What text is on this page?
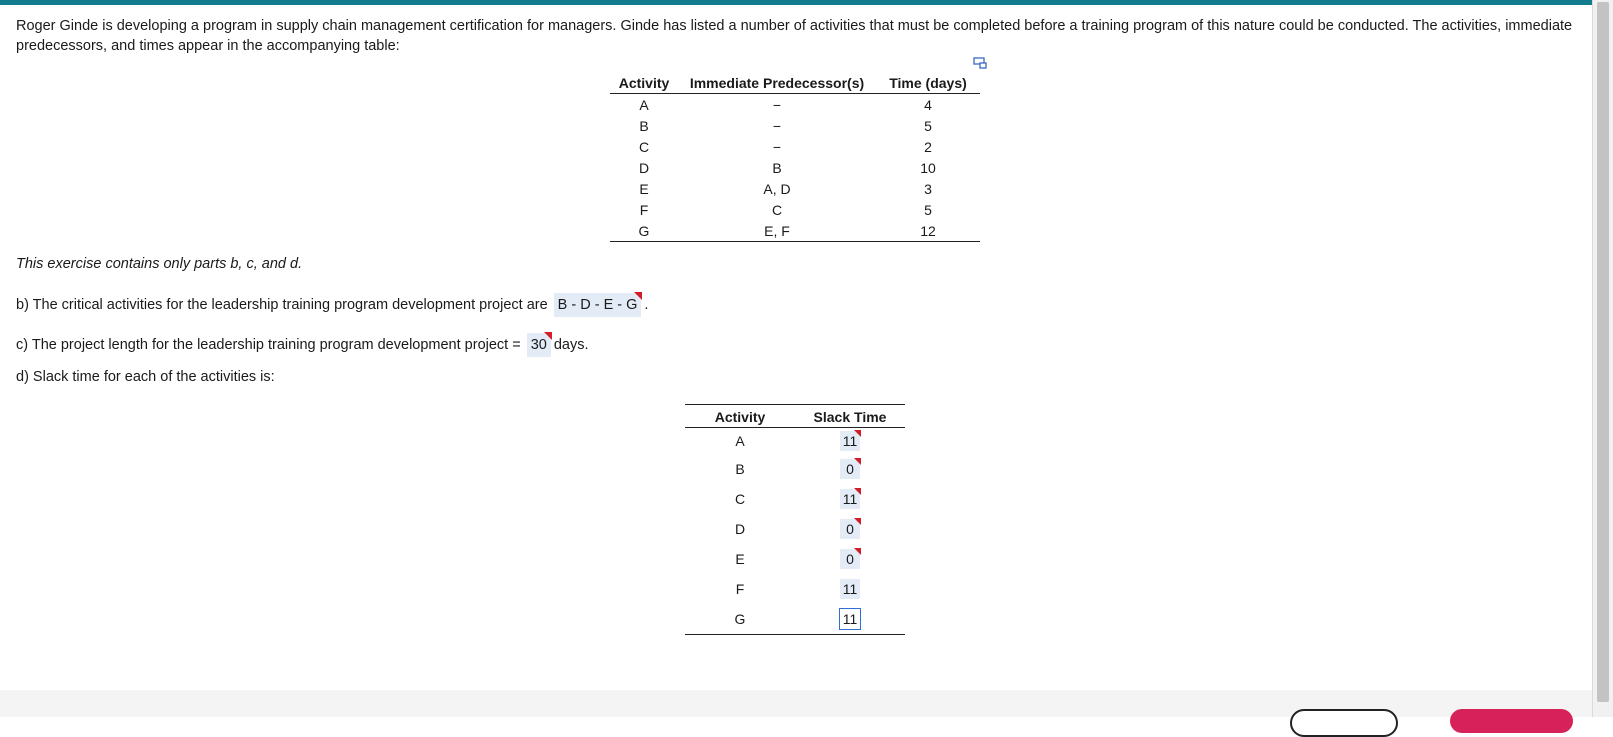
Roger Ginde is developing a program in supply chain management certification for managers. Ginde has listed a number of activities that must be completed before a training program of this nature could be conducted. The activities, immediate predecessors, and times appear in the accompanying table:
Activity	Immediate Predecessor(s)	Time (days)
A	−	4
B	−	5
C	−	2
D	B	10
E	A, D	3
F	C	5
G	E, F	12
This exercise contains only parts b, c, and d.
b) The critical activities for the leadership training program development project are B - D - E - G .
c) The project length for the leadership training program development project = 30 days.
d) Slack time for each of the activities is:
Activity	Slack Time
A	11
B	0
C	11
D	0
E	0
F	11
G	11
